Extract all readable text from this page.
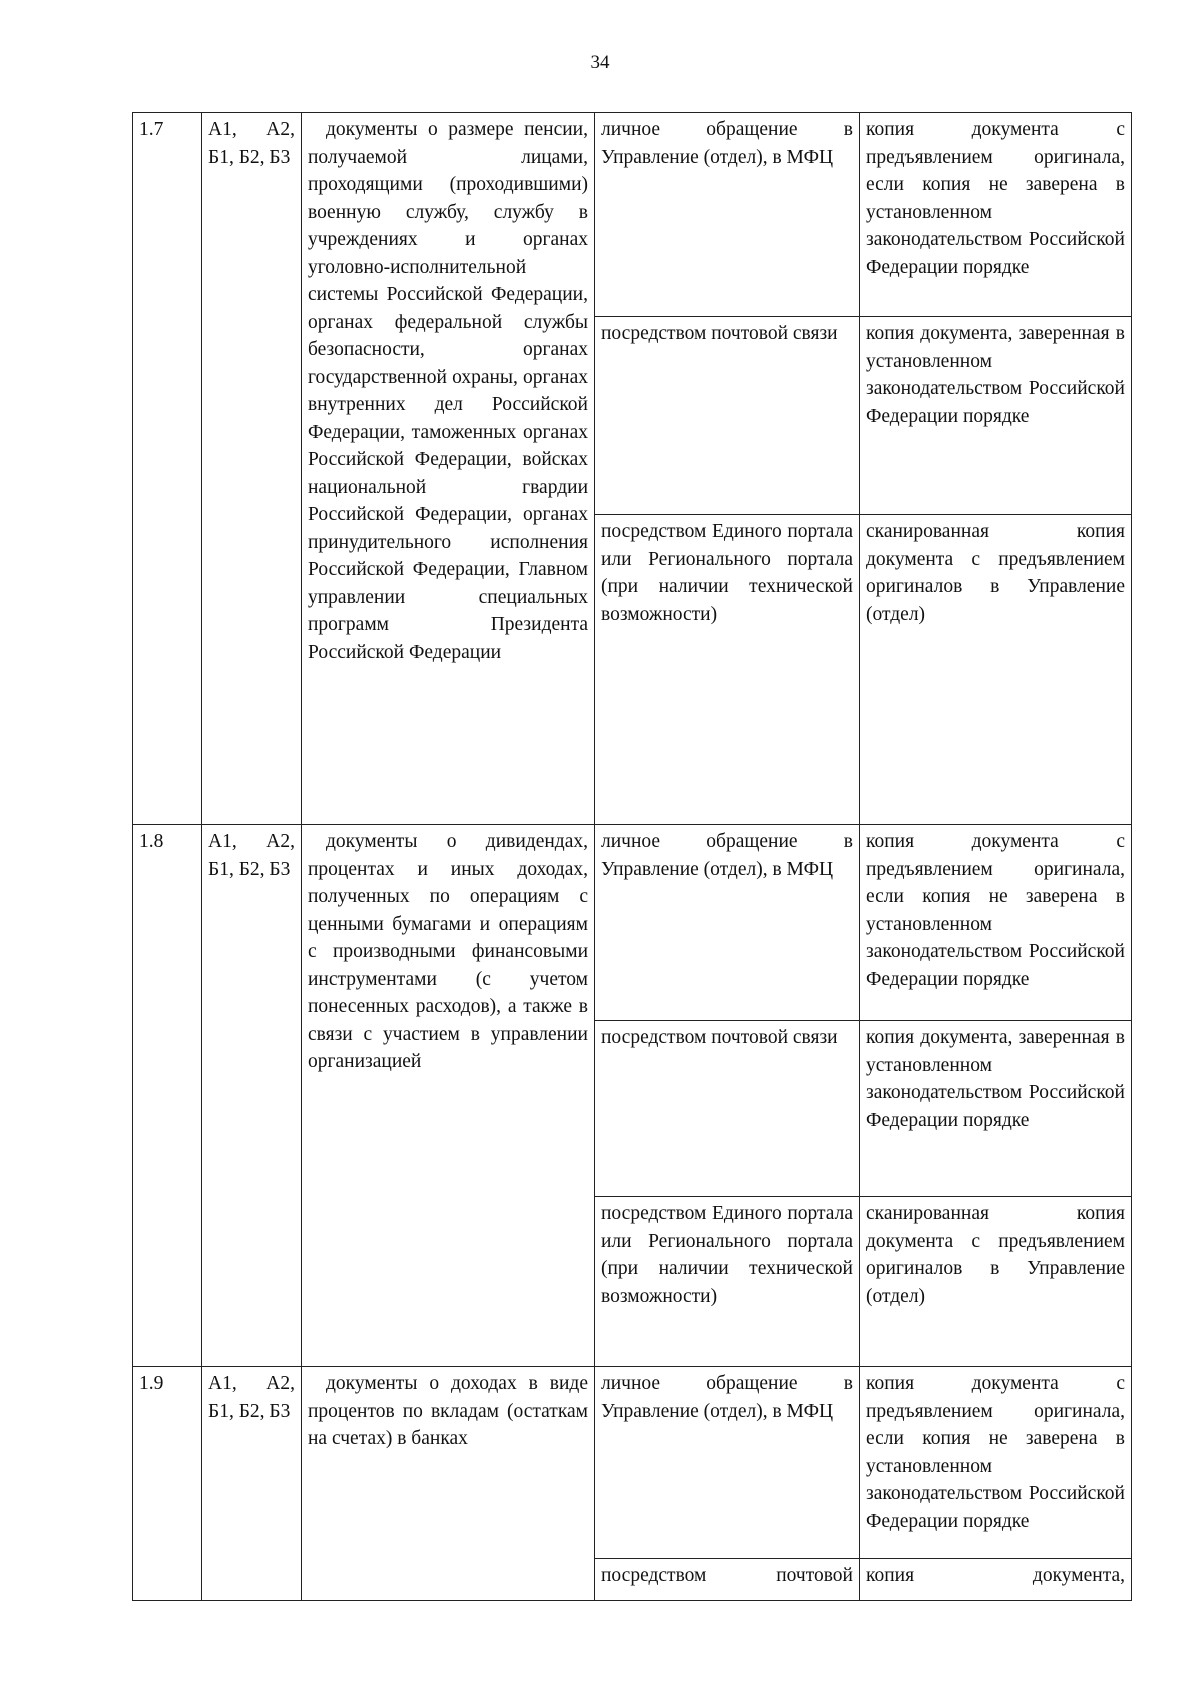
34
1.7	А1, А2, Б1, Б2, Б3	документы о размере пенсии, получаемой лицами, проходящими (проходившими) военную службу, службу в учреждениях и органах уголовно-исполнительной системы Российской Федерации, органах федеральной службы безопасности, органах государственной охраны, органах внутренних дел Российской Федерации, таможенных органах Российской Федерации, войсках национальной гвардии Российской Федерации, органах принудительного исполнения Российской Федерации, Главном управлении специальных программ Президента Российской Федерации	личное обращение в Управление (отдел), в МФЦ	копия документа с предъявлением оригинала, если копия не заверена в установленном законодательством Российской Федерации порядке
			посредством почтовой связи	копия документа, заверенная в установленном законодательством Российской Федерации порядке
			посредством Единого портала или Регионального портала (при наличии технической возможности)	сканированная копия документа с предъявлением оригиналов в Управление (отдел)
1.8	А1, А2, Б1, Б2, Б3	документы о дивидендах, процентах и иных доходах, полученных по операциям с ценными бумагами и операциям с производными финансовыми инструментами (с учетом понесенных расходов), а также в связи с участием в управлении организацией	личное обращение в Управление (отдел), в МФЦ	копия документа с предъявлением оригинала, если копия не заверена в установленном законодательством Российской Федерации порядке
			посредством почтовой связи	копия документа, заверенная в установленном законодательством Российской Федерации порядке
			посредством Единого портала или Регионального портала (при наличии технической возможности)	сканированная копия документа с предъявлением оригиналов в Управление (отдел)
1.9	А1, А2, Б1, Б2, Б3	документы о доходах в виде процентов по вкладам (остаткам на счетах) в банках	личное обращение в Управление (отдел), в МФЦ	копия документа с предъявлением оригинала, если копия не заверена в установленном законодательством Российской Федерации порядке
			посредством почтовой	копия документа,
